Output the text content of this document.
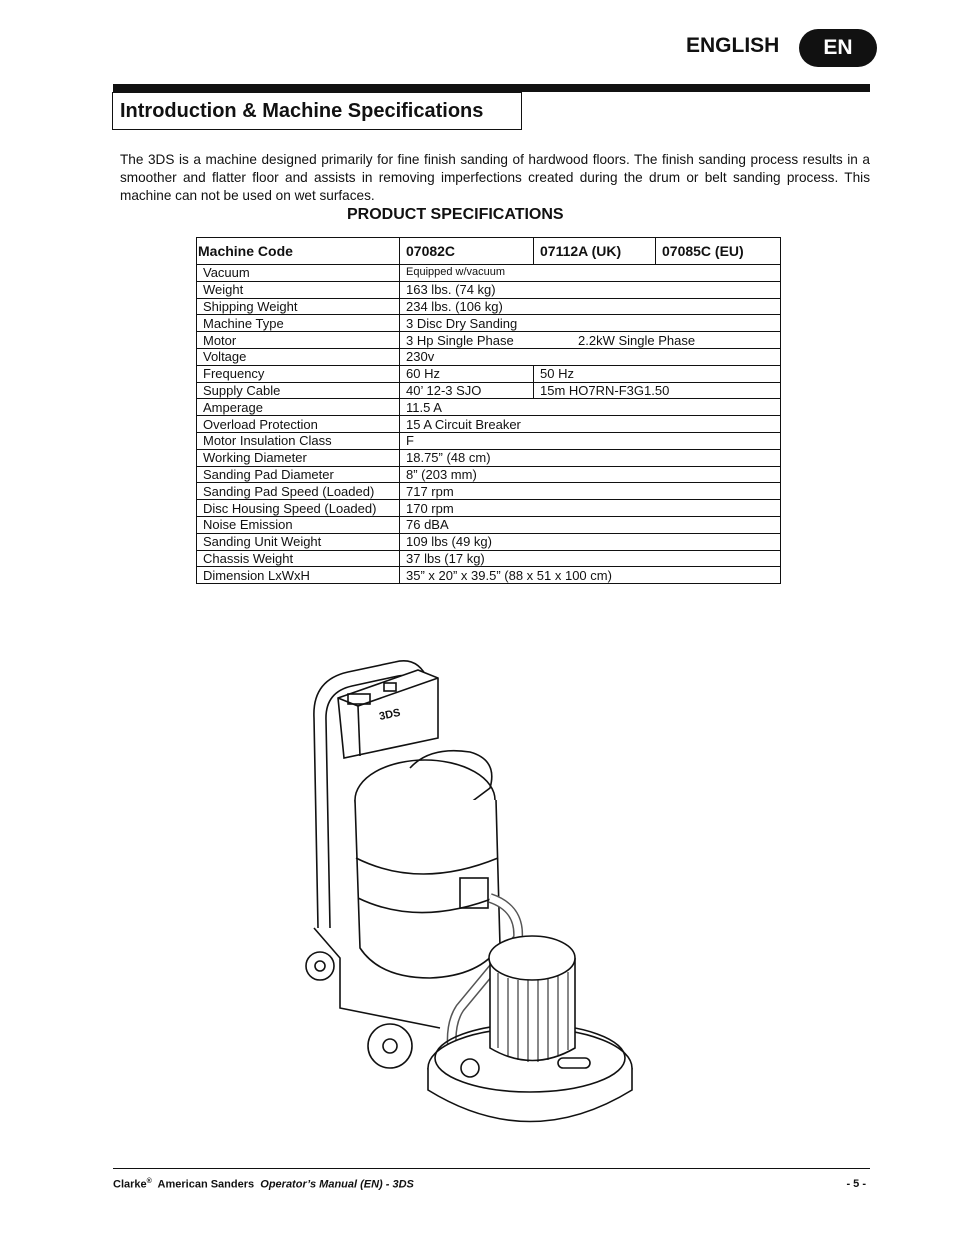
ENGLISH	EN
Introduction & Machine Specifications

The 3DS is a machine designed primarily for fine finish sanding of hardwood floors. The finish sanding process results in a smoother and flatter floor and assists in removing imperfections created during the drum or belt sanding process. This machine can not be used on wet surfaces.

PRODUCT SPECIFICATIONS
Machine Code	07082C	07112A (UK)	07085C (EU)
Vacuum	Equipped w/vacuum		
Weight	163 lbs. (74 kg)		
Shipping Weight	234 lbs. (106 kg)		
Machine Type	3 Disc Dry Sanding		
Motor	3 Hp Single Phase 2.2kW Single Phase		

Voltage	230v		
Frequency	60 Hz	50 Hz	
Supply Cable	40’ 12-3 SJO	15m HO7RN-F3G1.50	
Amperage	11.5 A		
Overload Protection	15 A Circuit Breaker		
Motor Insulation Class	F		
Working Diameter	18.75” (48 cm)		
Sanding Pad Diameter	8” (203 mm)		
Sanding Pad Speed (Loaded)	717 rpm		
Disc Housing Speed (Loaded)	170 rpm		
Noise Emission	76 dBA		
Sanding Unit Weight	109 lbs (49 kg)		
Chassis Weight	37 lbs (17 kg)		
Dimension LxWxH	35” x 20” x 39.5” (88 x 51 x 100 cm)		
3DS
Clarke® American Sanders Operator’s Manual (EN) - 3DS	- 5 -
